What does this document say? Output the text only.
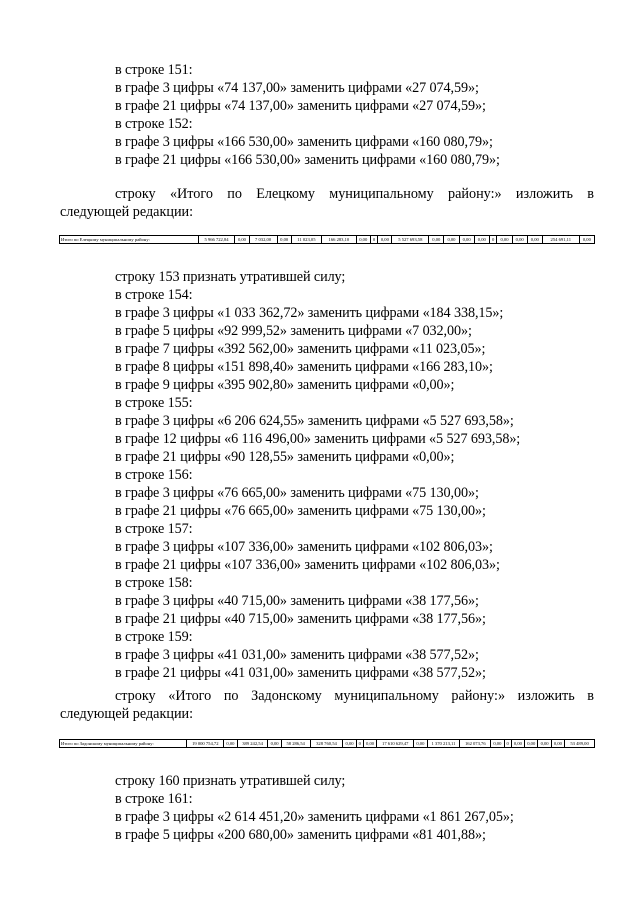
в строке 151:
в графе 3 цифры «74 137,00» заменить цифрами «27 074,59»;
в графе 21 цифры «74 137,00» заменить цифрами «27 074,59»;
в строке 152:
в графе 3 цифры «166 530,00» заменить цифрами «160 080,79»;
в графе 21 цифры «166 530,00» заменить цифрами «160 080,79»;
строку «Итого по Елецкому муниципальному району:» изложить в
следующей редакции:
Итого по Елецкому муниципальному району:	5 966 722,84	0,00	7 032,00	0,00	11 023,05	166 283,10	0,00	0	0,00	5 527 693,58	0,00	0,00	0,00	0,00	0	0,00	0,00	0,00	254 691,11	0,00
строку 153 признать утратившей силу;
в строке 154:
в графе 3 цифры «1 033 362,72» заменить цифрами «184 338,15»;
в графе 5 цифры «92 999,52» заменить цифрами «7 032,00»;
в графе 7 цифры «392 562,00» заменить цифрами «11 023,05»;
в графе 8 цифры «151 898,40» заменить цифрами «166 283,10»;
в графе 9 цифры «395 902,80» заменить цифрами «0,00»;
в строке 155:
в графе 3 цифры «6 206 624,55» заменить цифрами «5 527 693,58»;
в графе 12 цифры «6 116 496,00» заменить цифрами «5 527 693,58»;
в графе 21 цифры «90 128,55» заменить цифрами «0,00»;
в строке 156:
в графе 3 цифры «76 665,00» заменить цифрами «75 130,00»;
в графе 21 цифры «76 665,00» заменить цифрами «75 130,00»;
в строке 157:
в графе 3 цифры «107 336,00» заменить цифрами «102 806,03»;
в графе 21 цифры «107 336,00» заменить цифрами «102 806,03»;
в строке 158:
в графе 3 цифры «40 715,00» заменить цифрами «38 177,56»;
в графе 21 цифры «40 715,00» заменить цифрами «38 177,56»;
в строке 159:
в графе 3 цифры «41 031,00» заменить цифрами «38 577,52»;
в графе 21 цифры «41 031,00» заменить цифрами «38 577,52»;
строку «Итого по Задонскому муниципальному району:» изложить в
следующей редакции:
Итого по Задонскому муниципальному району:	19 000 754,72	0,00	389 242,54	0,00	58 286,54	328 760,54	0,00	0	0,00	17 610 629,47	0,00	1 370 213,11	162 073,76	0,00	0	0,00	0,00	0,00	0,00	53 489,00
строку 160 признать утратившей силу;
в строке 161:
в графе 3 цифры «2 614 451,20» заменить цифрами «1 861 267,05»;
в графе 5 цифры «200 680,00» заменить цифрами «81 401,88»;
